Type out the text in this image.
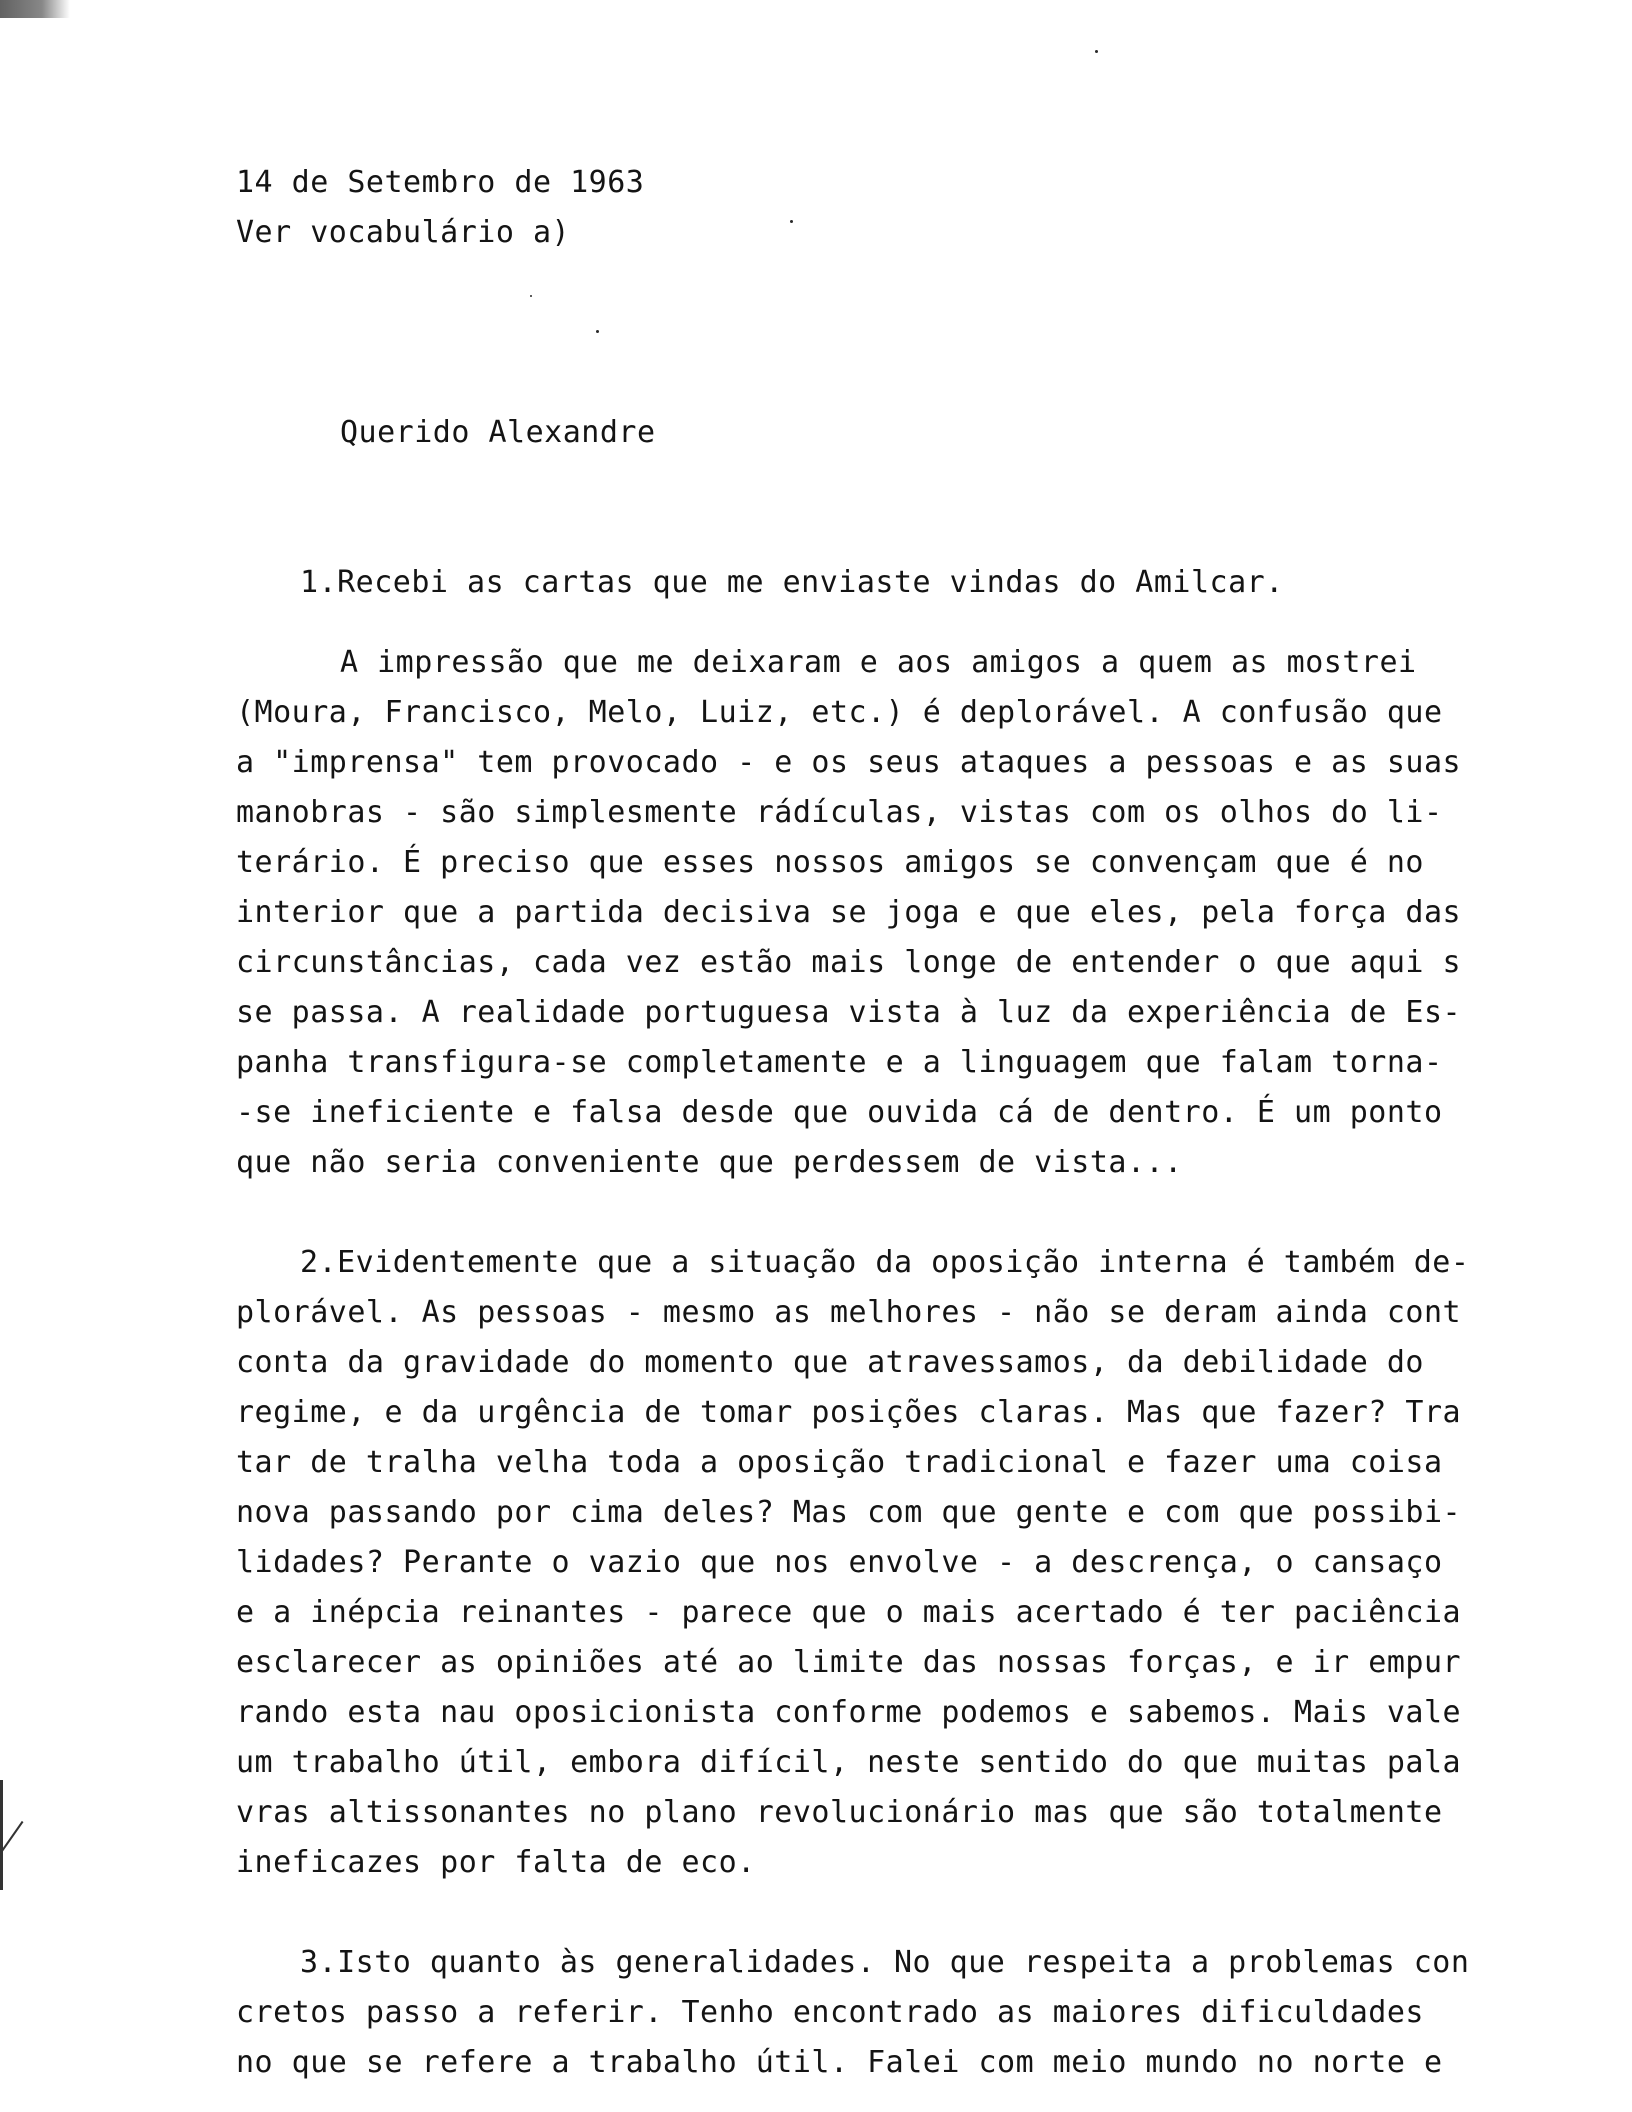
14 de Setembro de 1963
Ver vocabulário a)
Querido Alexandre
1.Recebi as cartas que me enviaste vindas do Amilcar.
A impressão que me deixaram e aos amigos a quem as mostrei
(Moura, Francisco, Melo, Luiz, etc.) é deplorável. A confusão que
a "imprensa" tem provocado - e os seus ataques a pessoas e as suas
manobras - são simplesmente rádículas, vistas com os olhos do li-
terário. É preciso que esses nossos amigos se convençam que é no
interior que a partida decisiva se joga e que eles, pela força das
circunstâncias, cada vez estão mais longe de entender o que aqui s
se passa. A realidade portuguesa vista à luz da experiência de Es-
panha transfigura-se completamente e a linguagem que falam torna-
-se ineficiente e falsa desde que ouvida cá de dentro. É um ponto
que não seria conveniente que perdessem de vista...
2.Evidentemente que a situação da oposição interna é também de-
plorável. As pessoas - mesmo as melhores - não se deram ainda cont
conta da gravidade do momento que atravessamos, da debilidade do
regime, e da urgência de tomar posições claras. Mas que fazer? Tra
tar de tralha velha toda a oposição tradicional e fazer uma coisa
nova passando por cima deles? Mas com que gente e com que possibi-
lidades? Perante o vazio que nos envolve - a descrença, o cansaço
e a inépcia reinantes - parece que o mais acertado é ter paciência
esclarecer as opiniões até ao limite das nossas forças, e ir empur
rando esta nau oposicionista conforme podemos e sabemos. Mais vale
um trabalho útil, embora difícil, neste sentido do que muitas pala
vras altissonantes no plano revolucionário mas que são totalmente
ineficazes por falta de eco.
3.Isto quanto às generalidades. No que respeita a problemas con
cretos passo a referir. Tenho encontrado as maiores dificuldades
no que se refere a trabalho útil. Falei com meio mundo no norte e
